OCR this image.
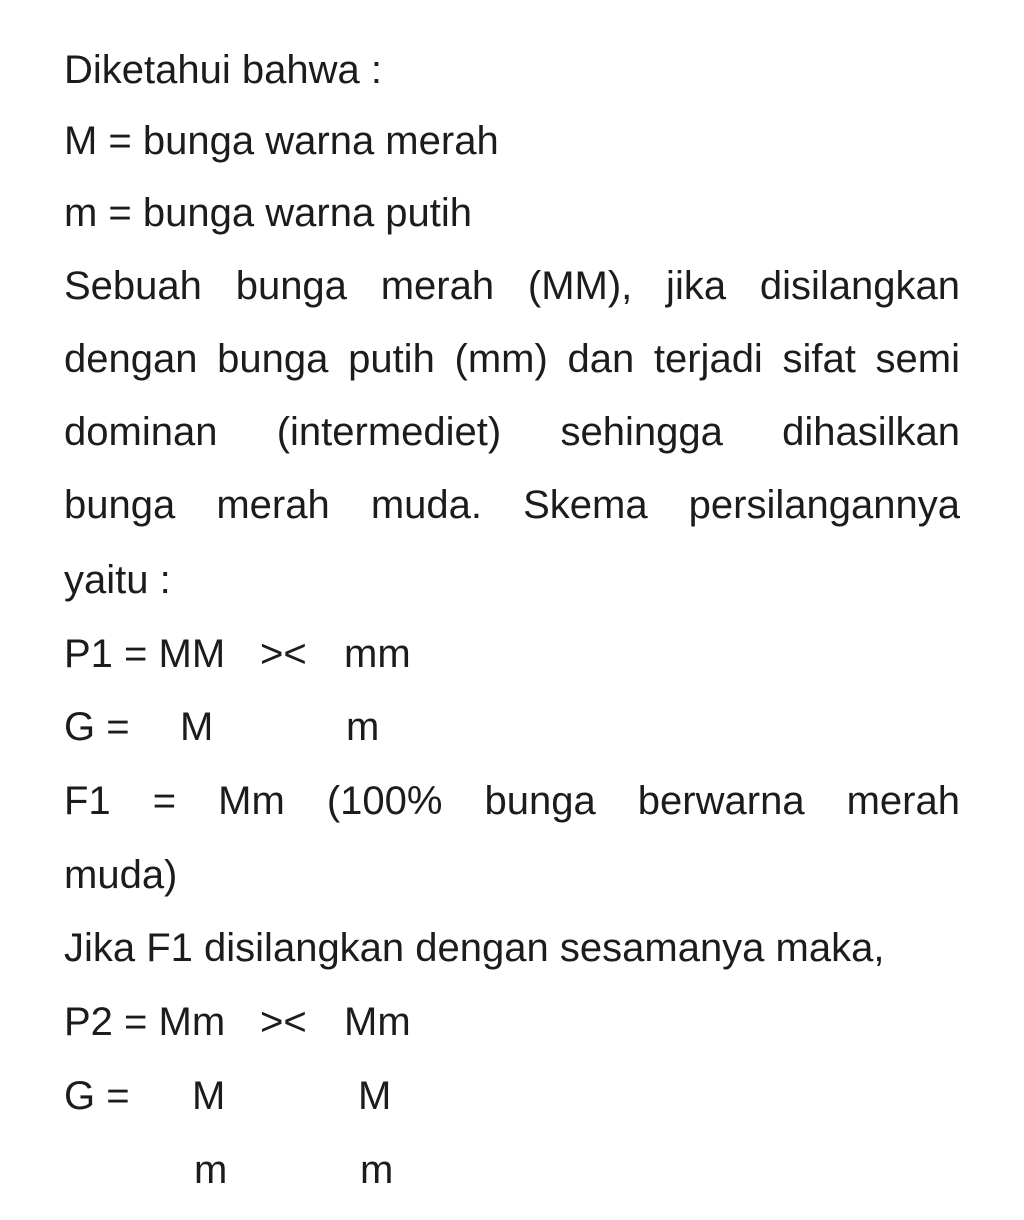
Diketahui bahwa :
M = bunga warna merah
m = bunga warna putih
Sebuah bunga merah (MM), jika disilangkan
dengan bunga putih (mm) dan terjadi sifat semi
dominan (intermediet) sehingga dihasilkan
bunga merah muda. Skema persilangannya
yaitu :
P1 = MM >< mm
G = M	m
F1 = Mm (100% bunga berwarna merah
muda)
Jika F1 disilangkan dengan sesamanya maka,
P2 = Mm >< Mm
G = M	M
m	m
